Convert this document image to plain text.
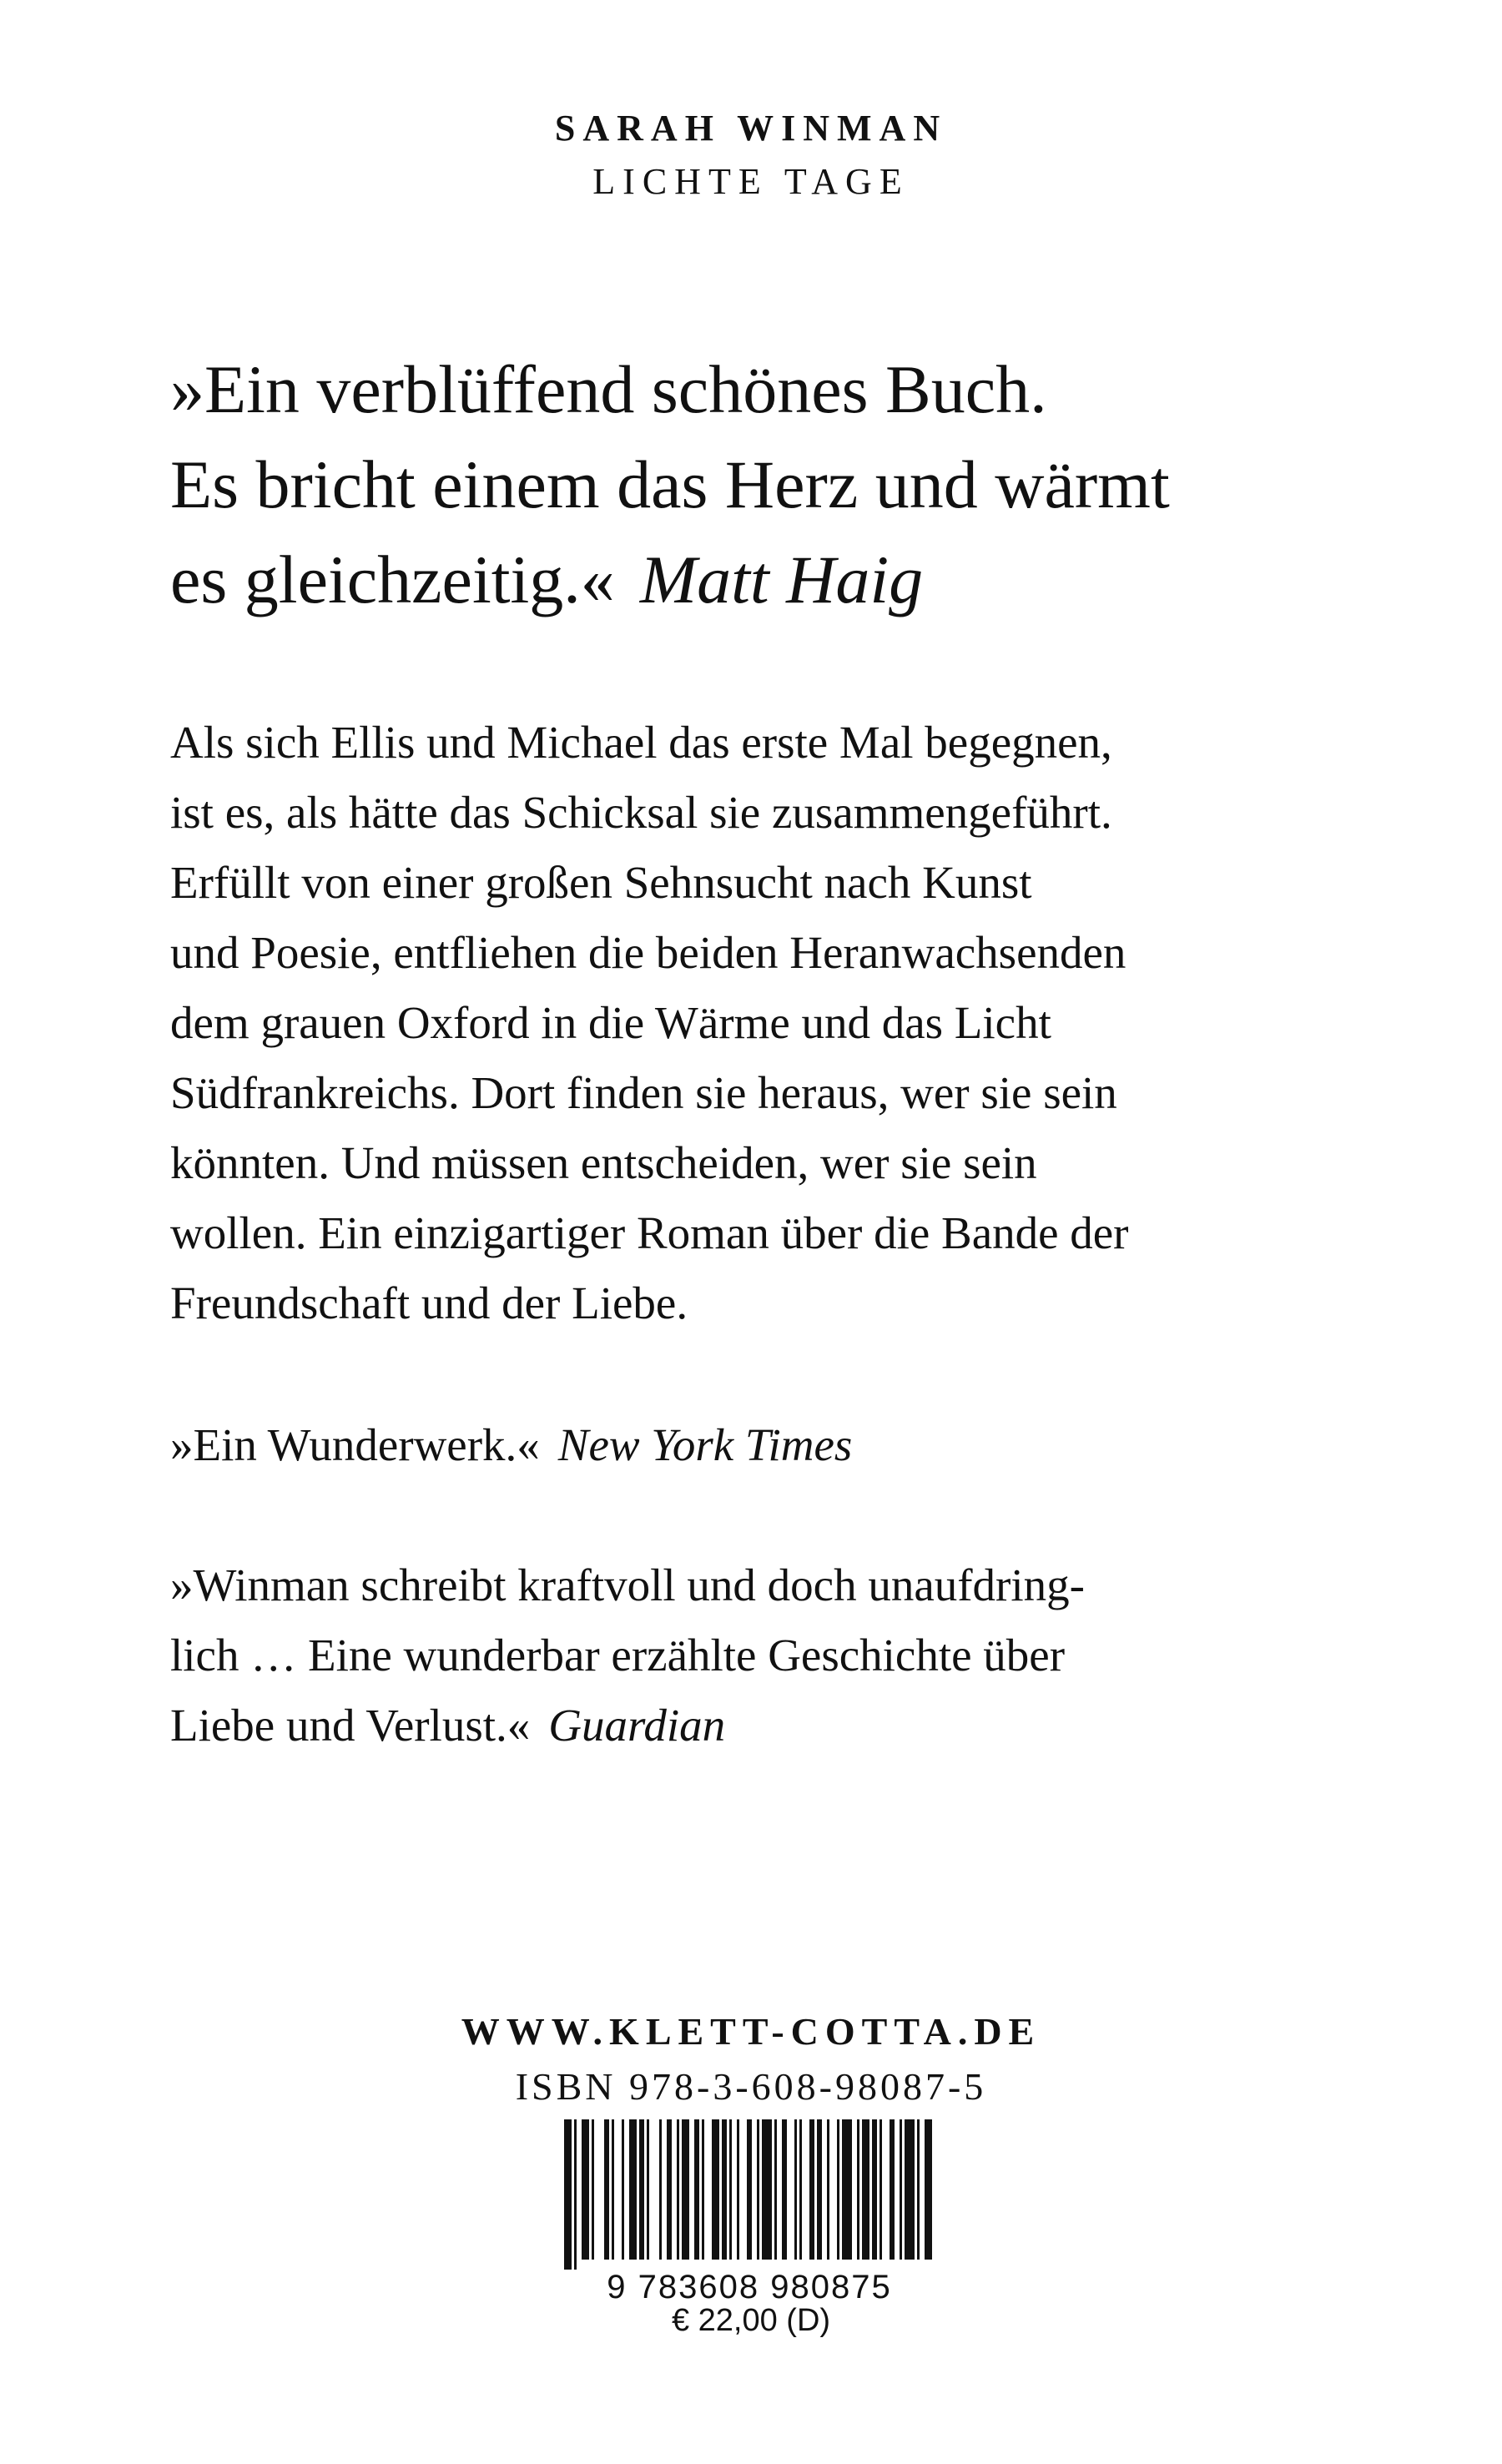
SARAH WINMAN
LICHTE TAGE
»Ein verblüffend schönes Buch.
Es bricht einem das Herz und wärmt
es gleichzeitig.« Matt Haig

Als sich Ellis und Michael das erste Mal begegnen,
ist es, als hätte das Schicksal sie zusammengeführt.
Erfüllt von einer großen Sehnsucht nach Kunst
und Poesie, entfliehen die beiden Heranwachsenden
dem grauen Oxford in die Wärme und das Licht
Südfrankreichs. Dort finden sie heraus, wer sie sein
könnten. Und müssen entscheiden, wer sie sein
wollen. Ein einzigartiger Roman über die Bande der
Freundschaft und der Liebe.

»Ein Wunderwerk.« New York Times
»Winman schreibt kraftvoll und doch unaufdring-
lich … Eine wunderbar erzählte Geschichte über
Liebe und Verlust.« Guardian
WWW.KLETT-COTTA.DE
ISBN 978-3-608-98087-5
9 783608 980875
€ 22,00 (D)
